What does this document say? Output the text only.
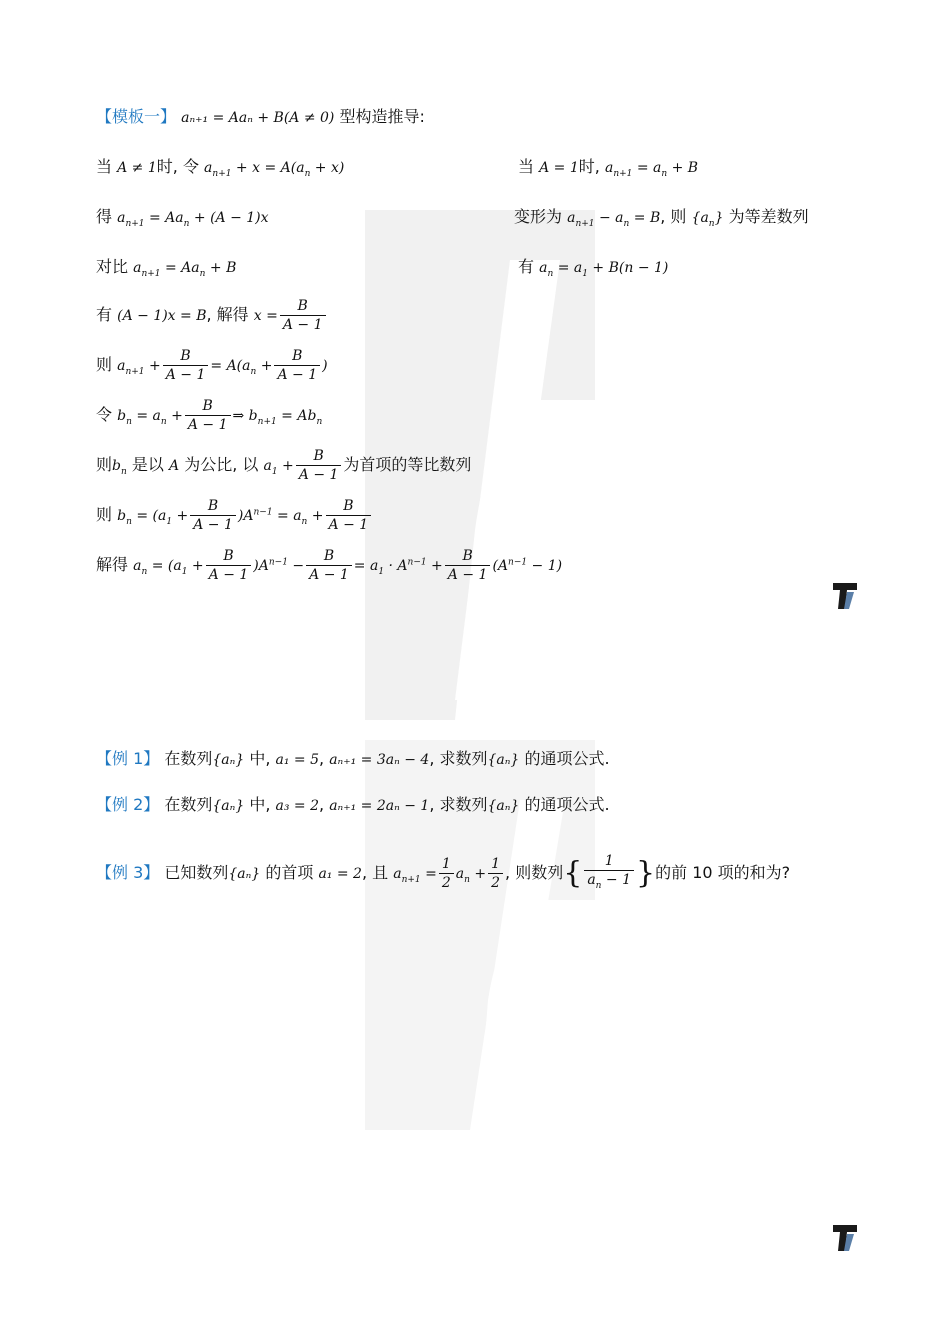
【模板一】 aₙ₊₁ = Aaₙ + B(A ≠ 0) 型构造推导:
当 A ≠ 1时, 令 $a_{n+1} + x = A(a_n + x)$
得 $a_{n+1} = Aa_n + (A - 1)x$
对比 $a_{n+1} = Aa_n + B$
有 (A − 1)x = B, 解得 $x = \frac{B}{A - 1}$
则 $a_{n+1} + \frac{B}{A - 1} = A(a_n + \frac{B}{A - 1}$ )
令 $b_n = a_n + \frac{B}{A - 1}$ ⇒ $b_{n+1} = Ab_n$
则$b_n$ 是以 A 为公比, 以 $a_1 + \frac{B}{A - 1}$ 为首项的等比数列
则 $b_n = (a_1 + \frac{B}{A - 1} )A^{n-1} = a_n + \frac{B}{A - 1}$
解得 $a_n = (a_1 + \frac{B}{A - 1} )A^{n-1} - \frac{B}{A - 1} = a_1 \cdot A^{n-1} + \frac{B}{A - 1} (A^{n-1} - 1)$
当 A = 1时, $a_{n+1} = a_n + B$
变形为 $a_{n+1} - a_n = B$, 则 $\{a_n\}$ 为等差数列
有 $a_n = a_1 + B(n - 1)$
【例 1】 在数列{aₙ} 中, a₁ = 5, aₙ₊₁ = 3aₙ − 4, 求数列{aₙ} 的通项公式.
【例 2】 在数列{aₙ} 中, a₃ = 2, aₙ₊₁ = 2aₙ − 1, 求数列{aₙ} 的通项公式.
【例 3】 已知数列{aₙ} 的首项 a₁ = 2, 且 $a_{n+1} = \frac{1}{2} a_n + \frac{1}{2}$ , 则数列{ $\frac{1}{a_n - 1}$ }的前 10 项的和为?
